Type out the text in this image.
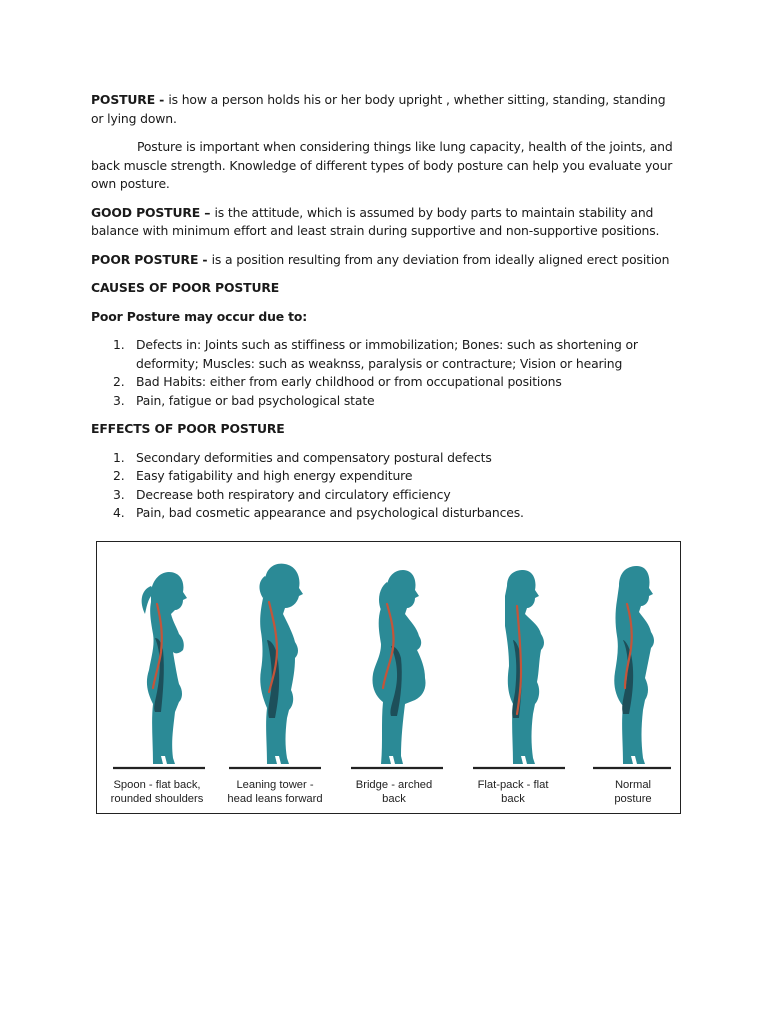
POSTURE - is how a person holds his or her body upright , whether sitting, standing, standing or lying down.

Posture is important when considering things like lung capacity, health of the joints, and back muscle strength. Knowledge of different types of body posture can help you evaluate your own posture.

GOOD POSTURE – is the attitude, which is assumed by body parts to maintain stability and balance with minimum effort and least strain during supportive and non-supportive positions.

POOR POSTURE - is a position resulting from any deviation from ideally aligned erect position

CAUSES OF POOR POSTURE

Poor Posture may occur due to:

1. Defects in: Joints such as stiffiness or immobilization; Bones: such as shortening or deformity; Muscles: such as weaknss, paralysis or contracture; Vision or hearing
2. Bad Habits: either from early childhood or from occupational positions
3. Pain, fatigue or bad psychological state

EFFECTS OF POOR POSTURE

1. Secondary deformities and compensatory postural defects
2. Easy fatigability and high energy expenditure
3. Decrease both respiratory and circulatory efficiency
4. Pain, bad cosmetic appearance and psychological disturbances.
Spoon - flat back,
rounded shoulders
Leaning tower -
head leans forward
Bridge - arched
back
Flat-pack - flat
back
Normal
posture
